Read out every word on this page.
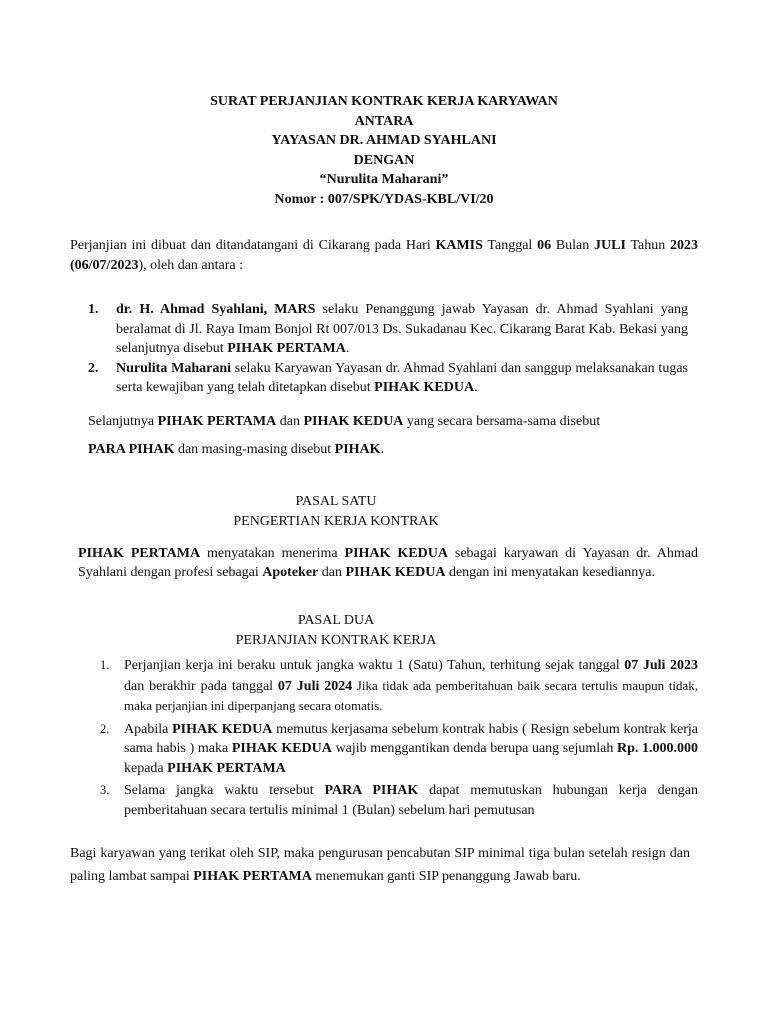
SURAT PERJANJIAN KONTRAK KERJA KARYAWAN
ANTARA
YAYASAN DR. AHMAD SYAHLANI
DENGAN
“Nurulita Maharani”
Nomor : 007/SPK/YDAS-KBL/VI/20
Perjanjian ini dibuat dan ditandatangani di Cikarang pada Hari KAMIS Tanggal 06 Bulan JULI Tahun 2023 (06/07/2023), oleh dan antara :
1. dr. H. Ahmad Syahlani, MARS selaku Penanggung jawab Yayasan dr. Ahmad Syahlani yang beralamat di Jl. Raya Imam Bonjol Rt 007/013 Ds. Sukadanau Kec. Cikarang Barat Kab. Bekasi yang selanjutnya disebut PIHAK PERTAMA.
2. Nurulita Maharani selaku Karyawan Yayasan dr. Ahmad Syahlani dan sanggup melaksanakan tugas serta kewajiban yang telah ditetapkan disebut PIHAK KEDUA.
Selanjutnya PIHAK PERTAMA dan PIHAK KEDUA yang secara bersama-sama disebut
PARA PIHAK dan masing-masing disebut PIHAK.
PASAL SATU
PENGERTIAN KERJA KONTRAK
PIHAK PERTAMA menyatakan menerima PIHAK KEDUA sebagai karyawan di Yayasan dr. Ahmad Syahlani dengan profesi sebagai Apoteker dan PIHAK KEDUA dengan ini menyatakan kesediannya.
PASAL DUA
PERJANJIAN KONTRAK KERJA
1. Perjanjian kerja ini beraku untuk jangka waktu 1 (Satu) Tahun, terhitung sejak tanggal 07 Juli 2023 dan berakhir pada tanggal 07 Juli 2024 Jika tidak ada pemberitahuan baik secara tertulis maupun tidak, maka perjanjian ini diperpanjang secara otomatis.
2. Apabila PIHAK KEDUA memutus kerjasama sebelum kontrak habis ( Resign sebelum kontrak kerja sama habis ) maka PIHAK KEDUA wajib menggantikan denda berupa uang sejumlah Rp. 1.000.000 kepada PIHAK PERTAMA
3. Selama jangka waktu tersebut PARA PIHAK dapat memutuskan hubungan kerja dengan pemberitahuan secara tertulis minimal 1 (Bulan) sebelum hari pemutusan
Bagi karyawan yang terikat oleh SIP, maka pengurusan pencabutan SIP minimal tiga bulan setelah resign dan paling lambat sampai PIHAK PERTAMA menemukan ganti SIP penanggung Jawab baru.
